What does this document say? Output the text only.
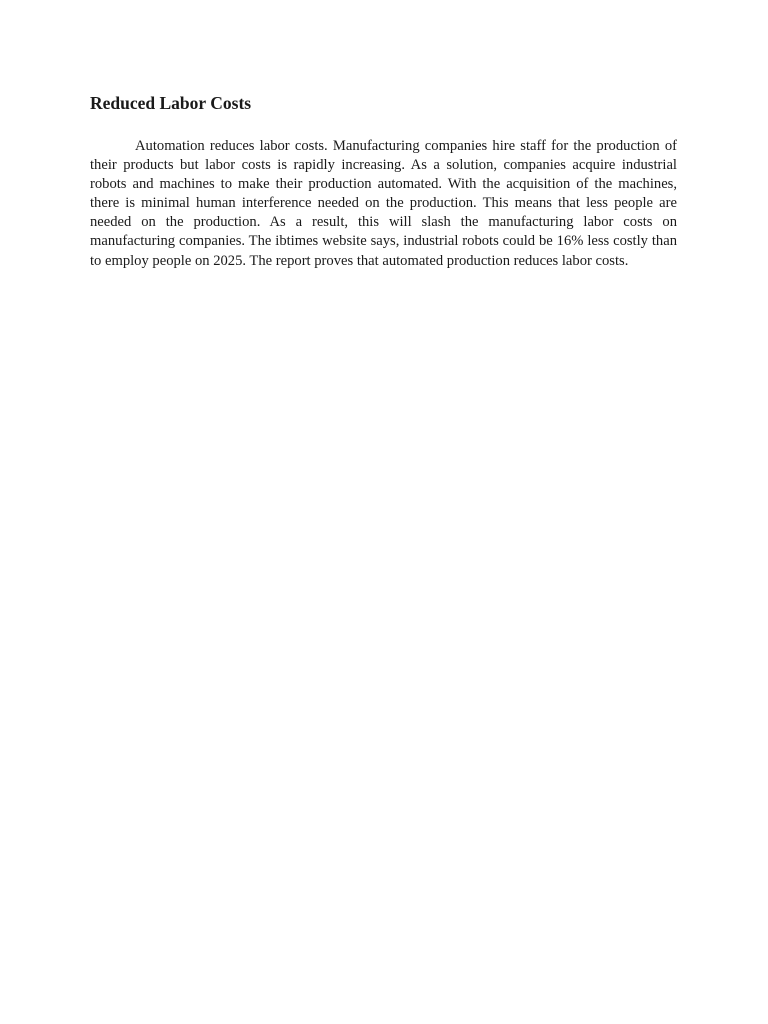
Reduced Labor Costs

Automation reduces labor costs. Manufacturing companies hire staff for the production of their products but labor costs is rapidly increasing. As a solution, companies acquire industrial robots and machines to make their production automated. With the acquisition of the machines, there is minimal human interference needed on the production. This means that less people are needed on the production. As a result, this will slash the manufacturing labor costs on manufacturing companies. The ibtimes website says, industrial robots could be 16% less costly than to employ people on 2025. The report proves that automated production reduces labor costs.
